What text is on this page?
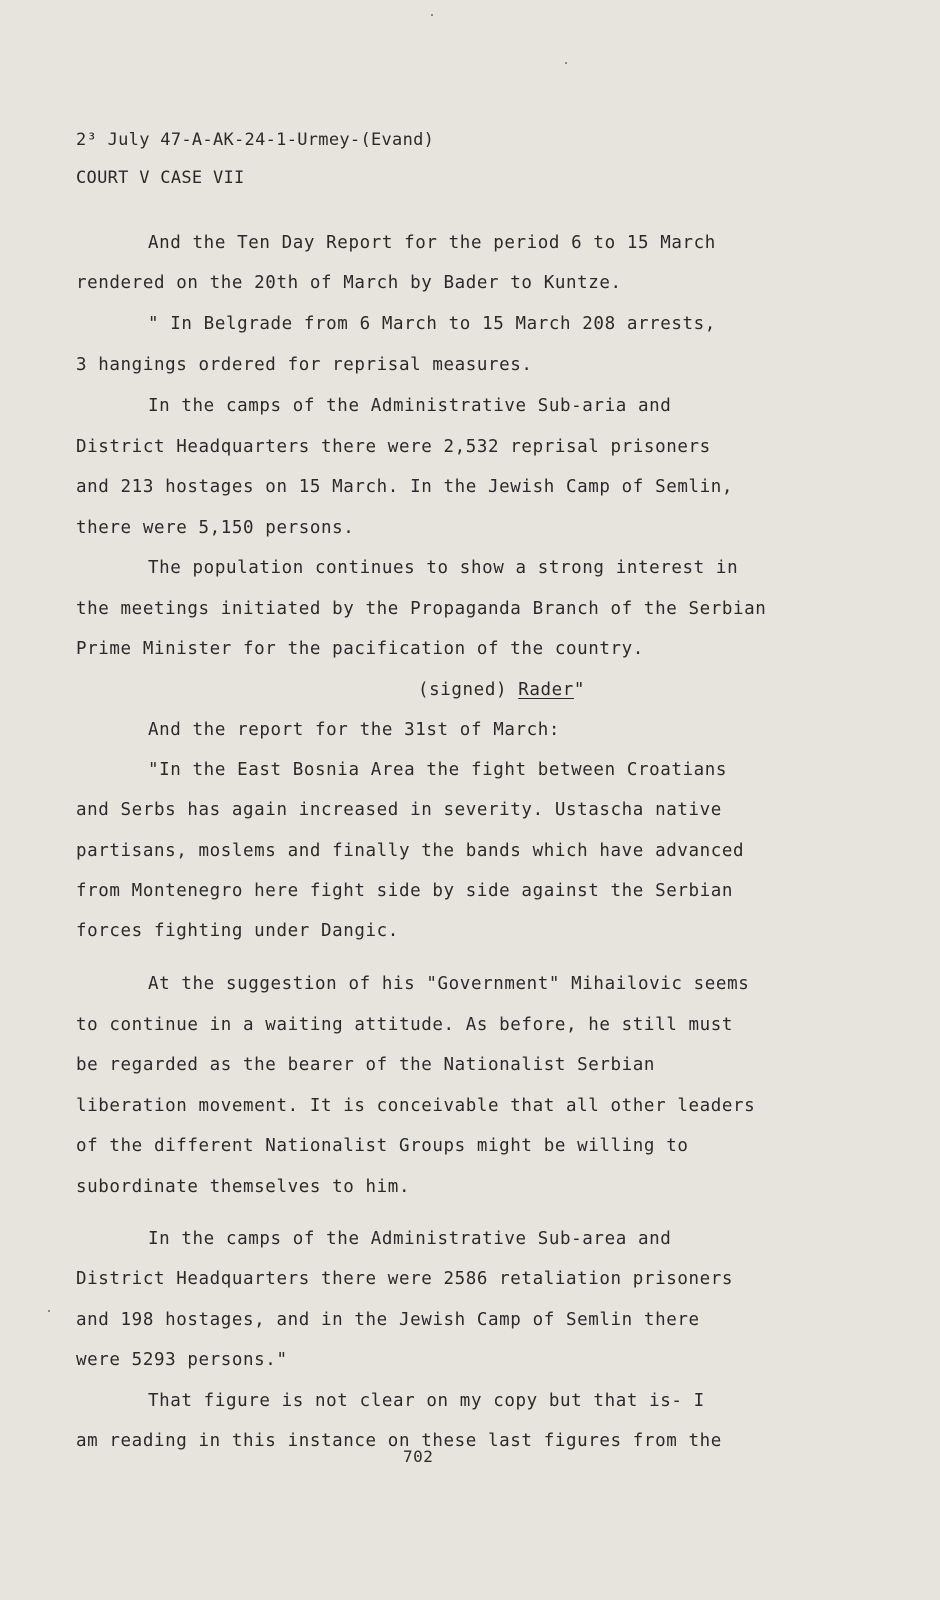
2³ July 47-A-AK-24-1-Urmey-(Evand)
COURT V CASE VII
And the Ten Day Report for the period 6 to 15 March
rendered on the 20th of March by Bader to Kuntze.
" In Belgrade from 6 March to 15 March 208 arrests,
3 hangings ordered for reprisal measures.
In the camps of the Administrative Sub-aria and
District Headquarters there were 2,532 reprisal prisoners
and 213 hostages on 15 March. In the Jewish Camp of Semlin,
there were 5,150 persons.
The population continues to show a strong interest in
the meetings initiated by the Propaganda Branch of the Serbian
Prime Minister for the pacification of the country.
(signed) Rader"
And the report for the 31st of March:
"In the East Bosnia Area the fight between Croatians
and Serbs has again increased in severity. Ustascha native
partisans, moslems and finally the bands which have advanced
from Montenegro here fight side by side against the Serbian
forces fighting under Dangic.
At the suggestion of his "Government" Mihailovic seems
to continue in a waiting attitude. As before, he still must
be regarded as the bearer of the Nationalist Serbian
liberation movement. It is conceivable that all other leaders
of the different Nationalist Groups might be willing to
subordinate themselves to him.
In the camps of the Administrative Sub-area and
District Headquarters there were 2586 retaliation prisoners
and 198 hostages, and in the Jewish Camp of Semlin there
were 5293 persons."
That figure is not clear on my copy but that is- I
am reading in this instance on these last figures from the
702
